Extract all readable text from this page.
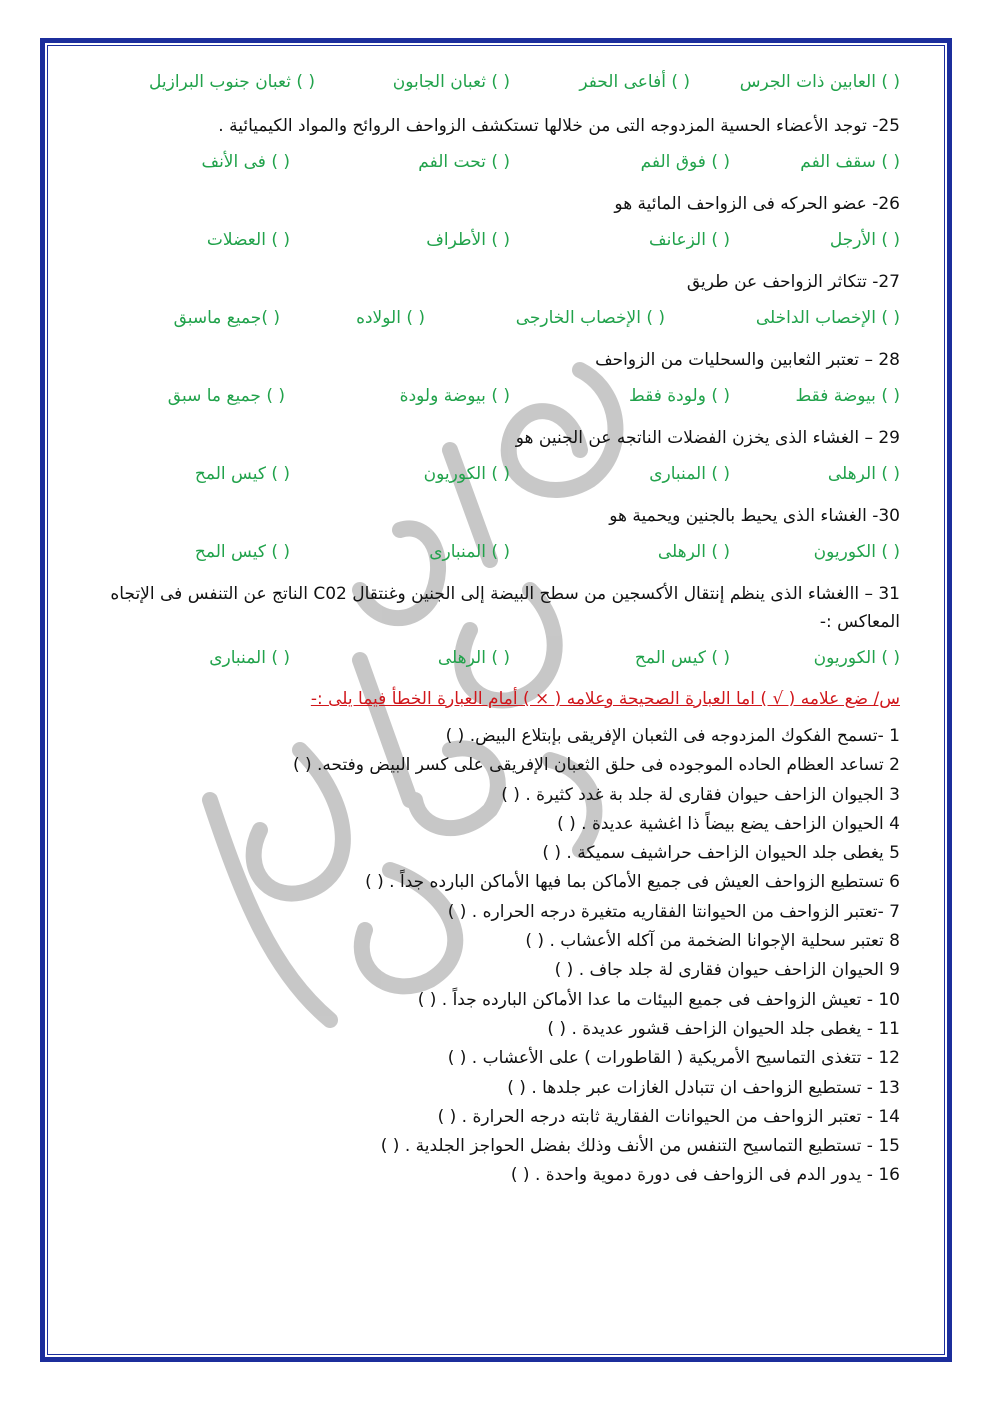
( ) العابين ذات الجرس
( ) أفاعى الحفر
( ) ثعبان الجابون
( ) ثعبان جنوب البرازيل
25- توجد الأعضاء الحسية المزدوجه التى من خلالها تستكشف الزواحف الروائح والمواد الكيميائية .
( ) سقف الفم
( ) فوق الفم
( ) تحت الفم
( ) فى الأنف
26- عضو الحركه فى الزواحف المائية هو
( ) الأرجل
( ) الزعانف
( ) الأطراف
( ) العضلات
27- تتكاثر الزواحف عن طريق
( ) الإخصاب الداخلى
( ) الإخصاب الخارجى
( ) الولاده
( )جميع ماسبق
28 – تعتبر الثعابين والسحليات من الزواحف
( ) بيوضة فقط
( ) ولودة فقط
( ) بيوضة ولودة
( ) جميع ما سبق
29 – الغشاء الذى يخزن الفضلات الناتجه عن الجنين هو
( ) الرهلى
( ) المنبارى
( ) الكوريون
( ) كيس المح
30- الغشاء الذى يحيط بالجنين ويحمية هو
( ) الكوريون
( ) الرهلى
( ) المنبارى
( ) كيس المح
31 – االغشاء الذى ينظم إنتقال الأكسجين من سطح البيضة إلى الجنين وغنتقال C02 الناتج عن التنفس فى الإتجاه المعاكس :-
( ) الكوريون
( ) كيس المح
( ) الرهلى
( ) المنبارى
س/ ضع علامه ( √ ) اما العبارة الصحيحة وعلامه ( × ) أمام العبارة الخطأ فيما يلى :-
1 -تسمح الفكوك المزدوجه فى الثعبان الإفريقى بإبتلاع البيض. ( )
2 تساعد العظام الحاده الموجوده فى حلق الثعبان الإفريقى على كسر البيض وفتحه. ( )
3 الجيوان الزاحف حيوان فقارى لة جلد بة غدد كثيرة . ( )
4 الحيوان الزاحف يضع بيضاً ذا اغشية عديدة . ( )
5 يغطى جلد الحيوان الزاحف حراشيف سميكة . ( )
6 تستطيع الزواحف العيش فى جميع الأماكن بما فيها الأماكن البارده جداً . ( )
7 -تعتبر الزواحف من الحيوانتا الفقاريه متغيرة درجه الحراره . ( )
8 تعتبر سحلية الإجوانا الضخمة من آكله الأعشاب . ( )
9 الحيوان الزاحف حيوان فقارى لة جلد جاف . ( )
10 - تعيش الزواحف فى جميع البيئات ما عدا الأماكن البارده جداً . ( )
11 - يغطى جلد الحيوان الزاحف قشور عديدة . ( )
12 - تتغذى التماسيح الأمريكية ( القاطورات ) على الأعشاب . ( )
13 - تستطيع الزواحف ان تتبادل الغازات عبر جلدها . ( )
14 - تعتبر الزواحف من الحيوانات الفقارية ثابته درجه الحرارة . ( )
15 - تستطيع التماسيح التنفس من الأنف وذلك بفضل الحواجز الجلدية . ( )
16 - يدور الدم فى الزواحف فى دورة دموية واحدة . ( )
